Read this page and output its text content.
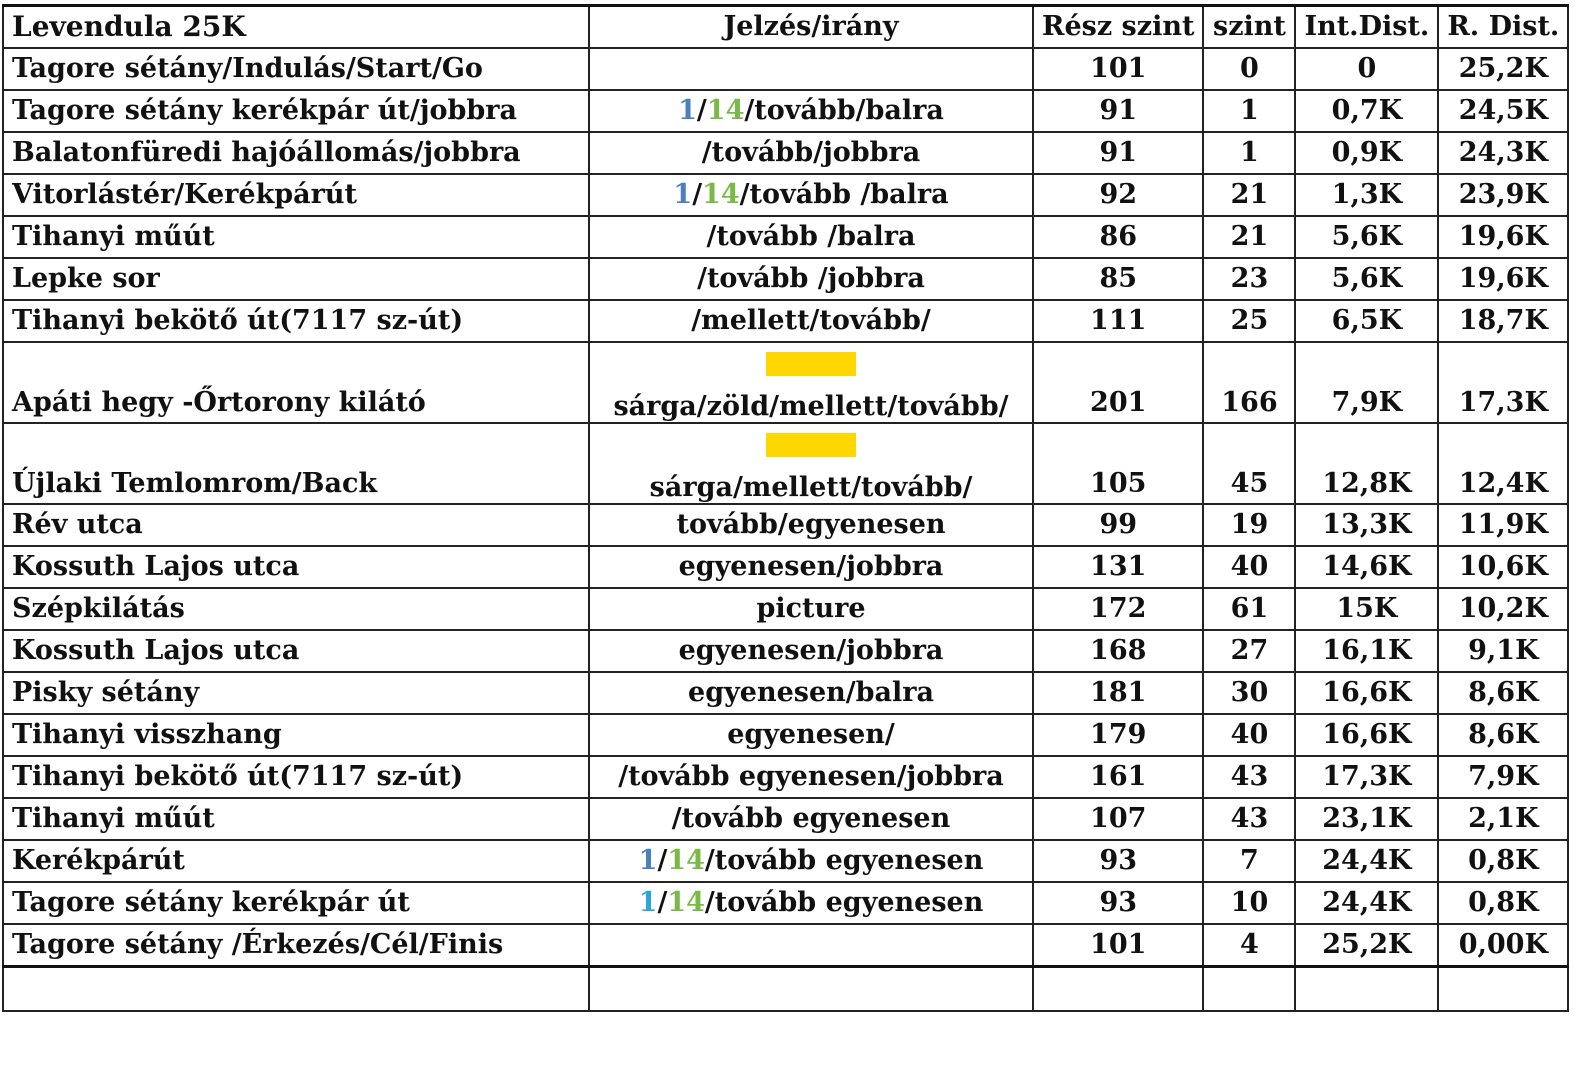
Levendula 25K	Jelzés/irány	Rész szint	szint	Int.Dist.	R. Dist.
Tagore sétány/Indulás/Start/Go		101	0	0	25,2K
Tagore sétány kerékpár út/jobbra	1/14/tovább/balra	91	1	0,7K	24,5K
Balatonfüredi hajóállomás/jobbra	/tovább/jobbra	91	1	0,9K	24,3K
Vitorlástér/Kerékpárút	1/14/tovább /balra	92	21	1,3K	23,9K
Tihanyi műút	/tovább /balra	86	21	5,6K	19,6K
Lepke sor	/tovább /jobbra	85	23	5,6K	19,6K
Tihanyi bekötő út(7117 sz-út)	/mellett/tovább/	111	25	6,5K	18,7K
Apáti hegy -Őrtorony kilátó	sárga/zöld/mellett/tovább/	201	166	7,9K	17,3K
Újlaki Temlomrom/Back	sárga/mellett/tovább/	105	45	12,8K	12,4K
Rév utca	tovább/egyenesen	99	19	13,3K	11,9K
Kossuth Lajos utca	egyenesen/jobbra	131	40	14,6K	10,6K
Szépkilátás	picture	172	61	15K	10,2K
Kossuth Lajos utca	egyenesen/jobbra	168	27	16,1K	9,1K
Pisky sétány	egyenesen/balra	181	30	16,6K	8,6K
Tihanyi visszhang	egyenesen/	179	40	16,6K	8,6K
Tihanyi bekötő út(7117 sz-út)	/tovább egyenesen/jobbra	161	43	17,3K	7,9K
Tihanyi műút	/tovább egyenesen	107	43	23,1K	2,1K
Kerékpárút	1/14/tovább egyenesen	93	7	24,4K	0,8K
Tagore sétány kerékpár út	1/14/tovább egyenesen	93	10	24,4K	0,8K
Tagore sétány /Érkezés/Cél/Finis		101	4	25,2K	0,00K
